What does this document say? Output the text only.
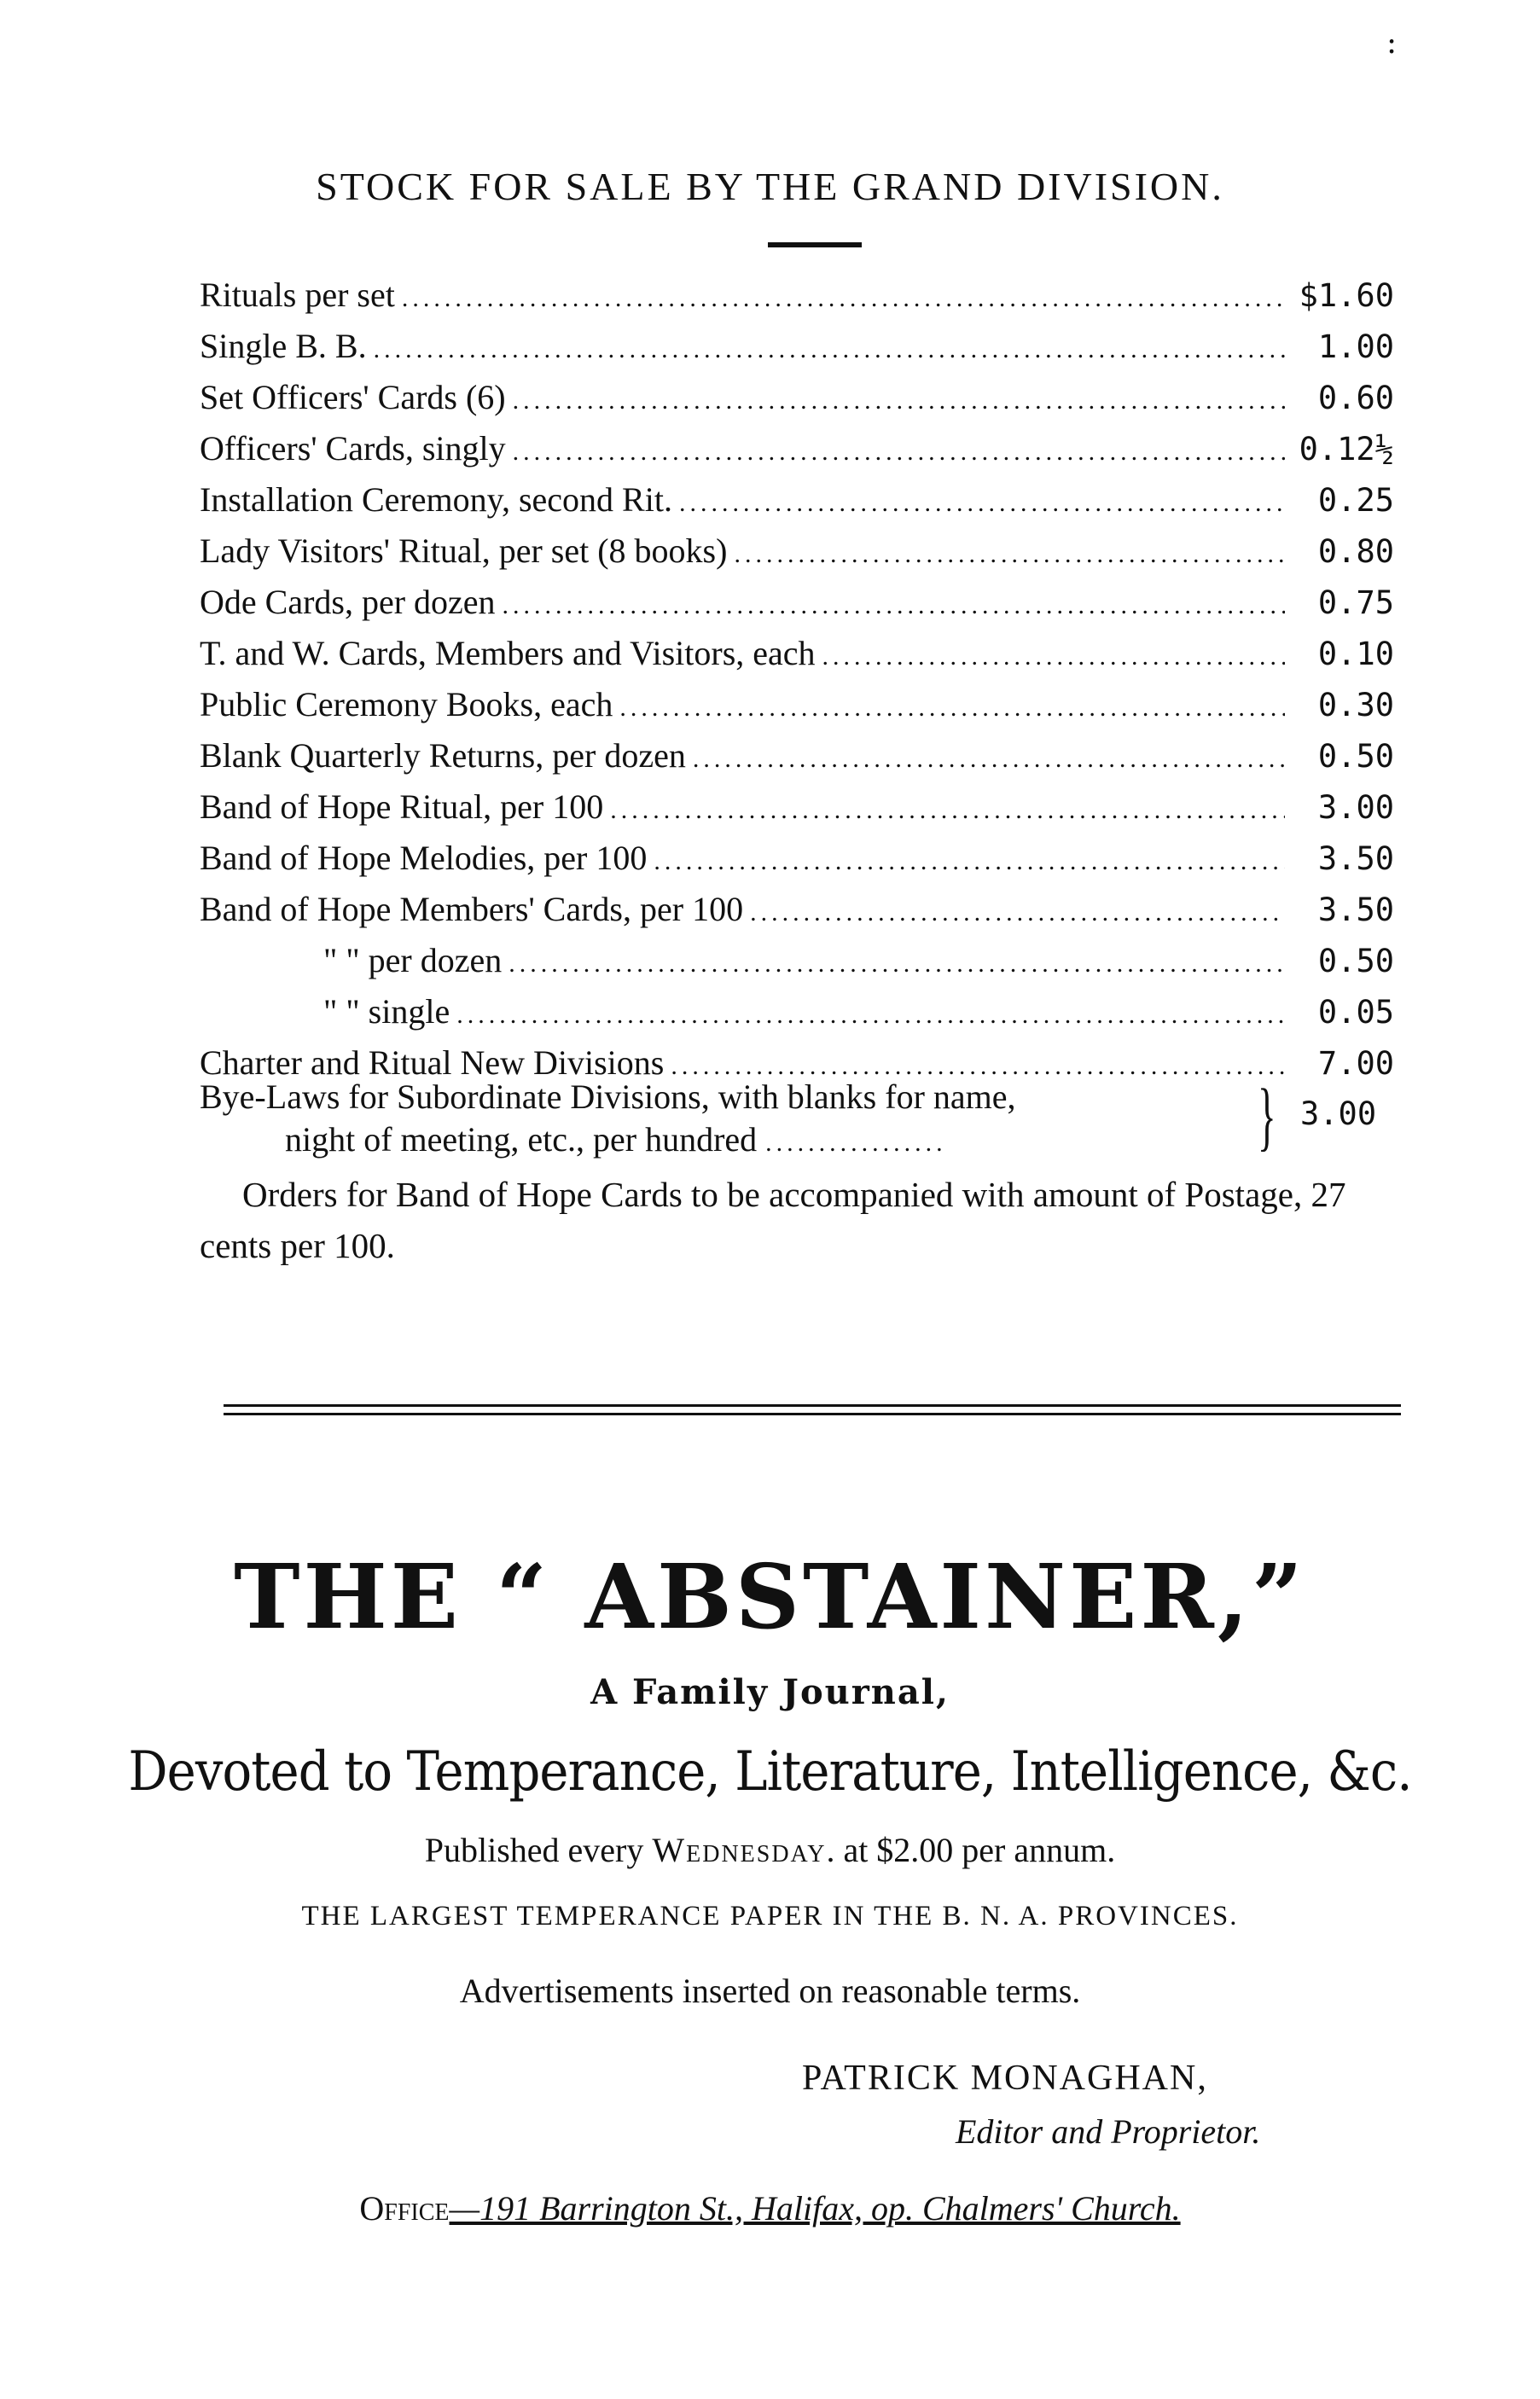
:
STOCK FOR SALE BY THE GRAND DIVISION.
Rituals per set .....	$1.60
Single B. B. .....	1.00
Set Officers' Cards (6) .....	0.60
Officers' Cards, singly .....	0.12½
Installation Ceremony, second Rit. .....	0.25
Lady Visitors' Ritual, per set (8 books) .....	0.80
Ode Cards, per dozen .....	0.75
T. and W. Cards, Members and Visitors, each .....	0.10
Public Ceremony Books, each .....	0.30
Blank Quarterly Returns, per dozen .....	0.50
Band of Hope Ritual, per 100 .....	3.00
Band of Hope Melodies, per 100 .....	3.50
Band of Hope Members' Cards, per 100 .....	3.50
" " per dozen .....	0.50
" " single .....	0.05
Charter and Ritual New Divisions .....	7.00
Bye-Laws for Subordinate Divisions, with blanks for name,
night of meeting, etc., per hundred .................	} 3.00
Orders for Band of Hope Cards to be accompanied with amount of Postage, 27 cents per 100.
THE “ ABSTAINER,”
A Family Journal,
Devoted to Temperance, Literature, Intelligence, &c.
Published every Wednesday. at $2.00 per annum.
THE LARGEST TEMPERANCE PAPER IN THE B. N. A. PROVINCES.
Advertisements inserted on reasonable terms.
PATRICK MONAGHAN,
Editor and Proprietor.
Office—191 Barrington St., Halifax, op. Chalmers' Church.
